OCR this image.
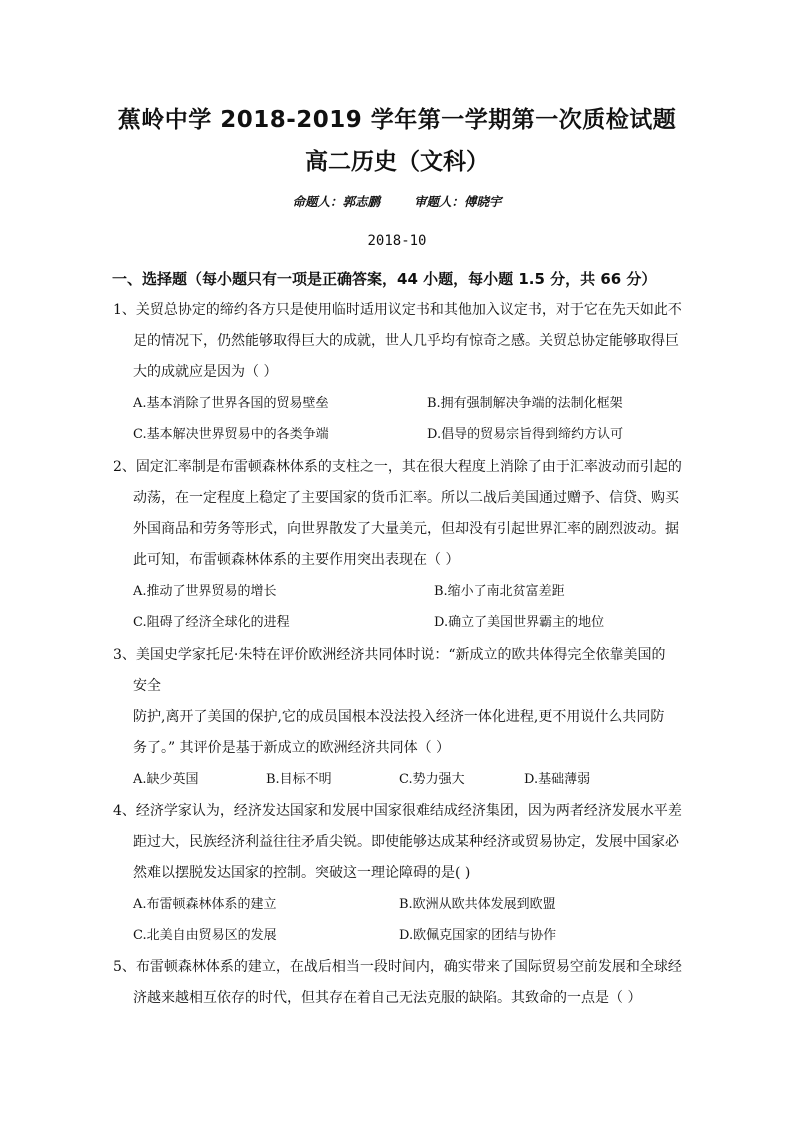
蕉岭中学 2018-2019 学年第一学期第一次质检试题
高二历史（文科）
命题人：郭志鹏	审题人：傅晓宇
2018-10
一、选择题（每小题只有一项是正确答案，44 小题，每小题 1.5 分，共 66 分）
1、关贸总协定的缔约各方只是使用临时适用议定书和其他加入议定书，对于它在先天如此不
足的情况下，仍然能够取得巨大的成就，世人几乎均有惊奇之感。关贸总协定能够取得巨
大的成就应是因为（ ）
A.基本消除了世界各国的贸易壁垒	B.拥有强制解决争端的法制化框架
C.基本解决世界贸易中的各类争端	D.倡导的贸易宗旨得到缔约方认可
2、固定汇率制是布雷顿森林体系的支柱之一，其在很大程度上消除了由于汇率波动而引起的
动荡，在一定程度上稳定了主要国家的货币汇率。所以二战后美国通过赠予、信贷、购买
外国商品和劳务等形式，向世界散发了大量美元，但却没有引起世界汇率的剧烈波动。据
此可知，布雷顿森林体系的主要作用突出表现在（ ）
A.推动了世界贸易的增长	B.缩小了南北贫富差距
C.阻碍了经济全球化的进程	D.确立了美国世界霸主的地位
3、美国史学家托尼·朱特在评价欧洲经济共同体时说：“新成立的欧共体得完全依靠美国的
安全
防护,离开了美国的保护,它的成员国根本没法投入经济一体化进程,更不用说什么共同防
务了。” 其评价是基于新成立的欧洲经济共同体（ ）
A.缺少英国	B.目标不明	C.势力强大	D.基础薄弱
4、经济学家认为，经济发达国家和发展中国家很难结成经济集团，因为两者经济发展水平差
距过大，民族经济利益往往矛盾尖锐。即使能够达成某种经济或贸易协定，发展中国家必
然难以摆脱发达国家的控制。突破这一理论障碍的是( )
A.布雷顿森林体系的建立	B.欧洲从欧共体发展到欧盟
C.北美自由贸易区的发展	D.欧佩克国家的团结与协作
5、布雷顿森林体系的建立，在战后相当一段时间内，确实带来了国际贸易空前发展和全球经
济越来越相互依存的时代，但其存在着自己无法克服的缺陷。其致命的一点是（ ）
